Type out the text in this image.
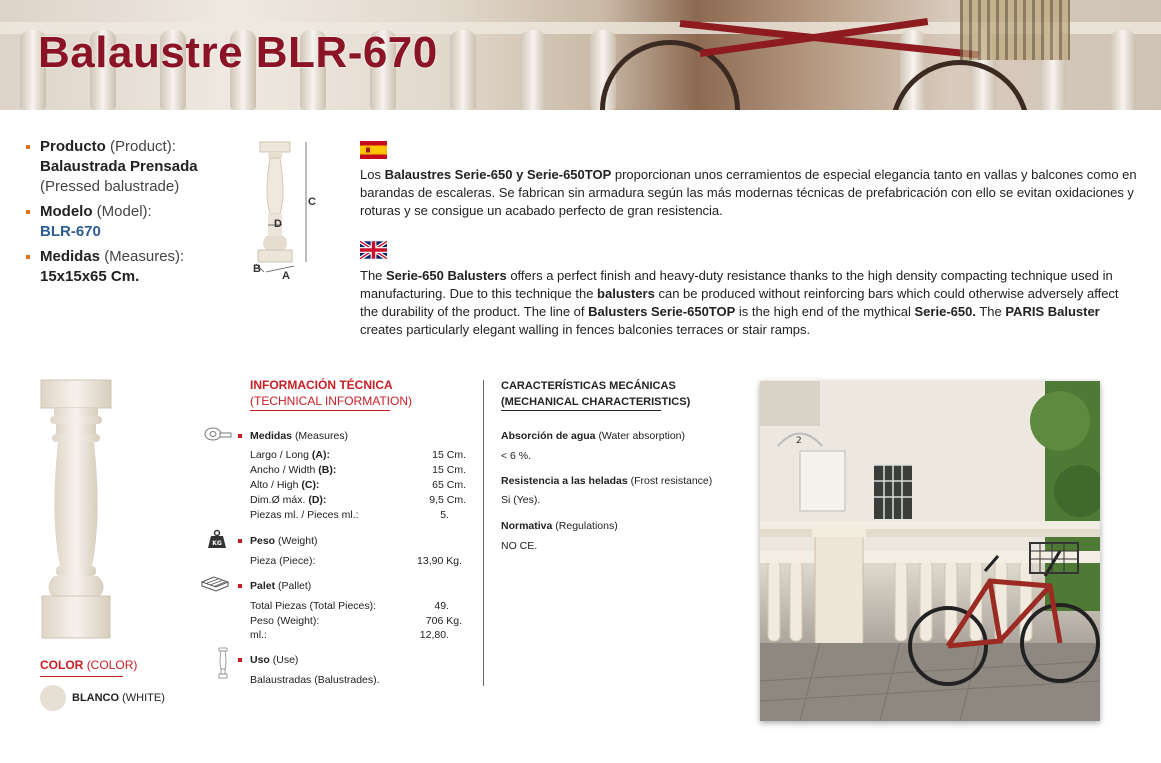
Balaustre BLR-670
Producto (Product):
Balaustrada Prensada
(Pressed balustrade)
Modelo (Model):
BLR-670
Medidas (Measures):
15x15x65 Cm.
C
D
B
A
Los Balaustres Serie-650 y Serie-650TOP proporcionan unos cerramientos de especial elegancia tanto en vallas y balcones como en barandas de escaleras. Se fabrican sin armadura según las más modernas técnicas de prefabricación con ello se evitan oxidaciones y roturas y se consigue un acabado perfecto de gran resistencia.
The Serie-650 Balusters offers a perfect finish and heavy-duty resistance thanks to the high density compacting technique used in manufacturing. Due to this technique the balusters can be produced without reinforcing bars which could otherwise adversely affect the durability of the product. The line of Balusters Serie-650TOP is the high end of the mythical Serie-650. The PARIS Baluster creates particularly elegant walling in fences balconies terraces or stair ramps.
COLOR (COLOR)
BLANCO (WHITE)
INFORMACIÓN TÉCNICA
(TECHNICAL INFORMATION)
Medidas (Measures)
Largo / Long (A):
Ancho / Width (B):
Alto / High (C):
Dim.Ø máx. (D):
Piezas ml. / Pieces ml.:
15 Cm.
15 Cm.
65 Cm.
9,5 Cm.
5.
KG	Peso (Weight)
Pieza (Piece):	13,90 Kg.
Palet (Pallet)
Total Piezas (Total Pieces):
Peso (Weight):
ml.:
49.
706 Kg.
12,80.
Uso (Use)
Balaustradas (Balustrades).
CARACTERÍSTICAS MECÁNICAS
(MECHANICAL CHARACTERISTICS)
Absorción de agua (Water absorption)
< 6 %.
Resistencia a las heladas (Frost resistance)
Si (Yes).
Normativa (Regulations)
NO CE.
2
